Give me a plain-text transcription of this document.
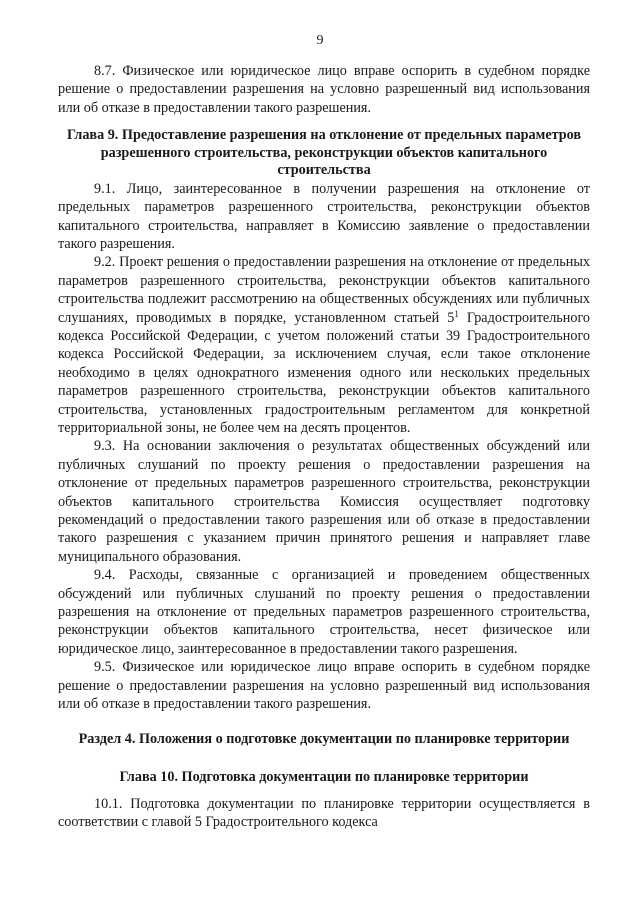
9

8.7. Физическое или юридическое лицо вправе оспорить в судебном порядке решение о предоставлении разрешения на условно разрешенный вид использования или об отказе в предоставлении такого разрешения.

Глава 9. Предоставление разрешения на отклонение от предельных параметров разрешенного строительства, реконструкции объектов капитального строительства

9.1. Лицо, заинтересованное в получении разрешения на отклонение от предельных параметров разрешенного строительства, реконструкции объектов капитального строительства, направляет в Комиссию заявление о предоставлении такого разрешения.

9.2. Проект решения о предоставлении разрешения на отклонение от предельных параметров разрешенного строительства, реконструкции объектов капитального строительства подлежит рассмотрению на общественных обсуждениях или публичных слушаниях, проводимых в порядке, установленном статьей $5^1$ Градостроительного кодекса Российской Федерации, с учетом положений статьи 39 Градостроительного кодекса Российской Федерации, за исключением случая, если такое отклонение необходимо в целях однократного изменения одного или нескольких предельных параметров разрешенного строительства, реконструкции объектов капитального строительства, установленных градостроительным регламентом для конкретной территориальной зоны, не более чем на десять процентов.

9.3. На основании заключения о результатах общественных обсуждений или публичных слушаний по проекту решения о предоставлении разрешения на отклонение от предельных параметров разрешенного строительства, реконструкции объектов капитального строительства Комиссия осуществляет подготовку рекомендаций о предоставлении такого разрешения или об отказе в предоставлении такого разрешения с указанием причин принятого решения и направляет главе муниципального образования.

9.4. Расходы, связанные с организацией и проведением общественных обсуждений или публичных слушаний по проекту решения о предоставлении разрешения на отклонение от предельных параметров разрешенного строительства, реконструкции объектов капитального строительства, несет физическое или юридическое лицо, заинтересованное в предоставлении такого разрешения.

9.5. Физическое или юридическое лицо вправе оспорить в судебном порядке решение о предоставлении разрешения на условно разрешенный вид использования или об отказе в предоставлении такого разрешения.

Раздел 4. Положения о подготовке документации по планировке территории
Глава 10. Подготовка документации по планировке территории

10.1. Подготовка документации по планировке территории осуществляется в соответствии с главой 5 Градостроительного кодекса
